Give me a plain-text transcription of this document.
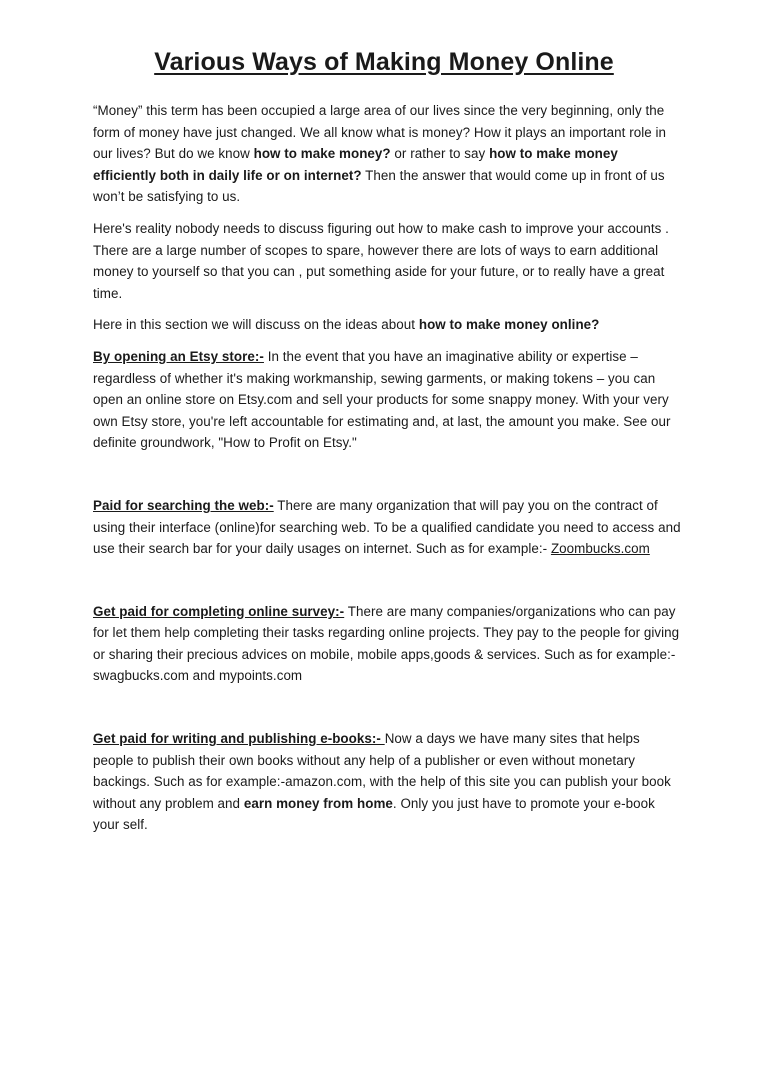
Various Ways of Making Money Online

“Money” this term has been occupied a large area of our lives since the very beginning, only the form of money have just changed. We all know what is money? How it plays an important role in our lives? But do we know how to make money? or rather to say how to make money efficiently both in daily life or on internet? Then the answer that would come up in front of us won’t be satisfying to us.

Here's reality nobody needs to discuss figuring out how to make cash to improve your accounts . There are a large number of scopes to spare, however there are lots of ways to earn additional money to yourself so that you can , put something aside for your future, or to really have a great time.

Here in this section we will discuss on the ideas about how to make money online?

By opening an Etsy store:- In the event that you have an imaginative ability or expertise – regardless of whether it's making workmanship, sewing garments, or making tokens – you can open an online store on Etsy.com and sell your products for some snappy money. With your very own Etsy store, you're left accountable for estimating and, at last, the amount you make. See our definite groundwork, "How to Profit on Etsy."

Paid for searching the web:- There are many organization that will pay you on the contract of using their interface (online)for searching web. To be a qualified candidate you need to access and use their search bar for your daily usages on internet. Such as for example:- Zoombucks.com

Get paid for completing online survey:- There are many companies/organizations who can pay for let them help completing their tasks regarding online projects. They pay to the people for giving or sharing their precious advices on mobile, mobile apps,goods & services. Such as for example:- swagbucks.com and mypoints.com

Get paid for writing and publishing e-books:- Now a days we have many sites that helps people to publish their own books without any help of a publisher or even without monetary backings. Such as for example:-amazon.com, with the help of this site you can publish your book without any problem and earn money from home. Only you just have to promote your e-book your self.
